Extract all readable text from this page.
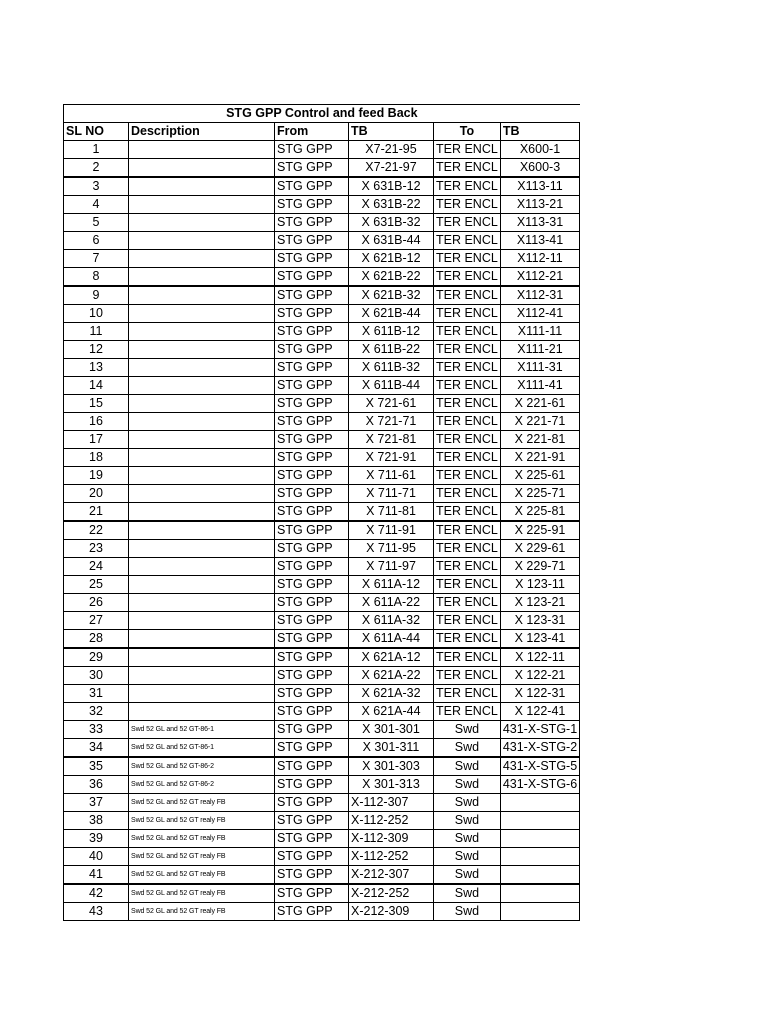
STG GPP Control and feed Back					
SL NO	Description	From	TB	To	TB
1		STG GPP	X7-21-95	TER ENCL	X600-1
2		STG GPP	X7-21-97	TER ENCL	X600-3
3		STG GPP	X 631B-12	TER ENCL	X113-11
4		STG GPP	X 631B-22	TER ENCL	X113-21
5		STG GPP	X 631B-32	TER ENCL	X113-31
6		STG GPP	X 631B-44	TER ENCL	X113-41
7		STG GPP	X 621B-12	TER ENCL	X112-11
8		STG GPP	X 621B-22	TER ENCL	X112-21
9		STG GPP	X 621B-32	TER ENCL	X112-31
10		STG GPP	X 621B-44	TER ENCL	X112-41
11		STG GPP	X 611B-12	TER ENCL	X111-11
12		STG GPP	X 611B-22	TER ENCL	X111-21
13		STG GPP	X 611B-32	TER ENCL	X111-31
14		STG GPP	X 611B-44	TER ENCL	X111-41
15		STG GPP	X 721-61	TER ENCL	X 221-61
16		STG GPP	X 721-71	TER ENCL	X 221-71
17		STG GPP	X 721-81	TER ENCL	X 221-81
18		STG GPP	X 721-91	TER ENCL	X 221-91
19		STG GPP	X 711-61	TER ENCL	X 225-61
20		STG GPP	X 711-71	TER ENCL	X 225-71
21		STG GPP	X 711-81	TER ENCL	X 225-81
22		STG GPP	X 711-91	TER ENCL	X 225-91
23		STG GPP	X 711-95	TER ENCL	X 229-61
24		STG GPP	X 711-97	TER ENCL	X 229-71
25		STG GPP	X 611A-12	TER ENCL	X 123-11
26		STG GPP	X 611A-22	TER ENCL	X 123-21
27		STG GPP	X 611A-32	TER ENCL	X 123-31
28		STG GPP	X 611A-44	TER ENCL	X 123-41
29		STG GPP	X 621A-12	TER ENCL	X 122-11
30		STG GPP	X 621A-22	TER ENCL	X 122-21
31		STG GPP	X 621A-32	TER ENCL	X 122-31
32		STG GPP	X 621A-44	TER ENCL	X 122-41
33	Swd 52 GL and 52 GT-86-1	STG GPP	X 301-301	Swd	431-X-STG-1
34	Swd 52 GL and 52 GT-86-1	STG GPP	X 301-311	Swd	431-X-STG-2
35	Swd 52 GL and 52 GT-86-2	STG GPP	X 301-303	Swd	431-X-STG-5
36	Swd 52 GL and 52 GT-86-2	STG GPP	X 301-313	Swd	431-X-STG-6
37	Swd 52 GL and 52 GT realy FB	STG GPP	X-112-307	Swd	
38	Swd 52 GL and 52 GT realy FB	STG GPP	X-112-252	Swd	
39	Swd 52 GL and 52 GT realy FB	STG GPP	X-112-309	Swd	
40	Swd 52 GL and 52 GT realy FB	STG GPP	X-112-252	Swd	
41	Swd 52 GL and 52 GT realy FB	STG GPP	X-212-307	Swd	
42	Swd 52 GL and 52 GT realy FB	STG GPP	X-212-252	Swd	
43	Swd 52 GL and 52 GT realy FB	STG GPP	X-212-309	Swd	
